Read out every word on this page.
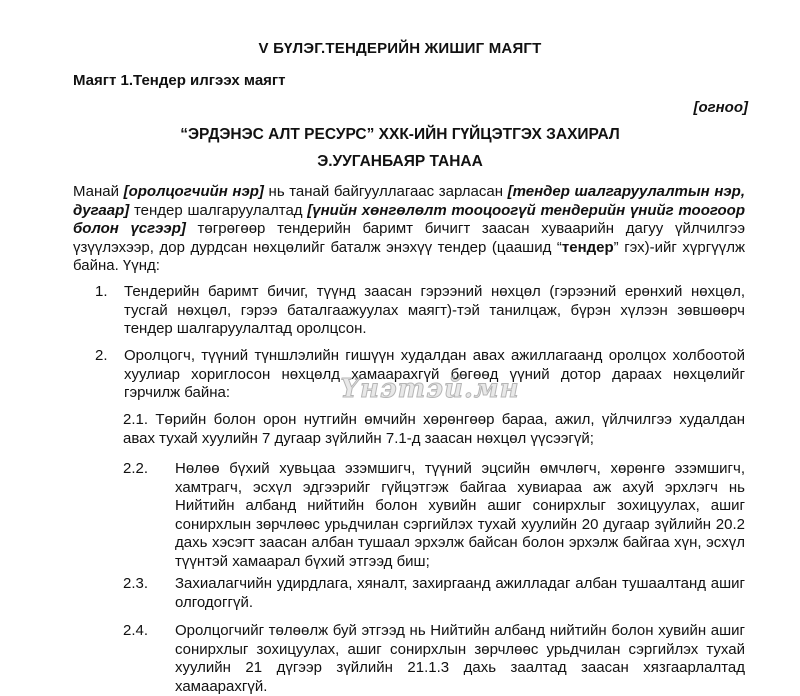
V БҮЛЭГ.ТЕНДЕРИЙН ЖИШИГ МАЯГТ
Маягт 1.Тендер илгээх маягт
[огноо]
“ЭРДЭНЭС АЛТ РЕСУРС” ХХК-ИЙН ГҮЙЦЭТГЭХ ЗАХИРАЛ
Э.УУГАНБАЯР ТАНАА
Манай [оролцогчийн нэр] нь танай байгууллагаас зарласан [тендер шалгаруулалтын нэр, дугаар] тендер шалгаруулалтад [үнийн хөнгөлөлт тооцоогүй тендерийн үнийг тоогоор болон үсгээр] төгрөгөөр тендерийн баримт бичигт заасан хуваарийн дагуу үйлчилгээ үзүүлэхээр, дор дурдсан нөхцөлийг баталж энэхүү тендер (цаашид “тендер” гэх)-ийг хүргүүлж байна. Үүнд:
1. Тендерийн баримт бичиг, түүнд заасан гэрээний нөхцөл (гэрээний ерөнхий нөхцөл, тусгай нөхцөл, гэрээ баталгаажуулах маягт)-тэй танилцаж, бүрэн хүлээн зөвшөөрч тендер шалгаруулалтад оролцсон.
2. Оролцогч, түүний түншлэлийн гишүүн худалдан авах ажиллагаанд оролцох холбоотой хуулиар хориглосон нөхцөлд хамаарахгүй бөгөөд үүний дотор дараах нөхцөлийг гэрчилж байна:
2.1. Төрийн болон орон нутгийн өмчийн хөрөнгөөр бараа, ажил, үйлчилгээ худалдан авах тухай хуулийн 7 дугаар зүйлийн 7.1-д заасан нөхцөл үүсээгүй;
2.2. Нөлөө бүхий хувьцаа эзэмшигч, түүний эцсийн өмчлөгч, хөрөнгө эзэмшигч, хамтрагч, эсхүл эдгээрийг гүйцэтгэж байгаа хувиараа аж ахуй эрхлэгч нь Нийтийн албанд нийтийн болон хувийн ашиг сонирхлыг зохицуулах, ашиг сонирхлын зөрчлөөс урьдчилан сэргийлэх тухай хуулийн 20 дугаар зүйлийн 20.2 дахь хэсэгт заасан албан тушаал эрхэлж байсан болон эрхэлж байгаа хүн, эсхүл түүнтэй хамаарал бүхий этгээд биш;
2.3. Захиалагчийн удирдлага, хяналт, захиргаанд ажилладаг албан тушаалтанд ашиг олгодоггүй.
2.4. Оролцогчийг төлөөлж буй этгээд нь Нийтийн албанд нийтийн болон хувийн ашиг сонирхлыг зохицуулах, ашиг сонирхлын зөрчлөөс урьдчилан сэргийлэх тухай хуулийн 21 дүгээр зүйлийн 21.1.3 дахь заалтад заасан хязгаарлалтад хамаарахгүй.
Үнэтэй.мн
